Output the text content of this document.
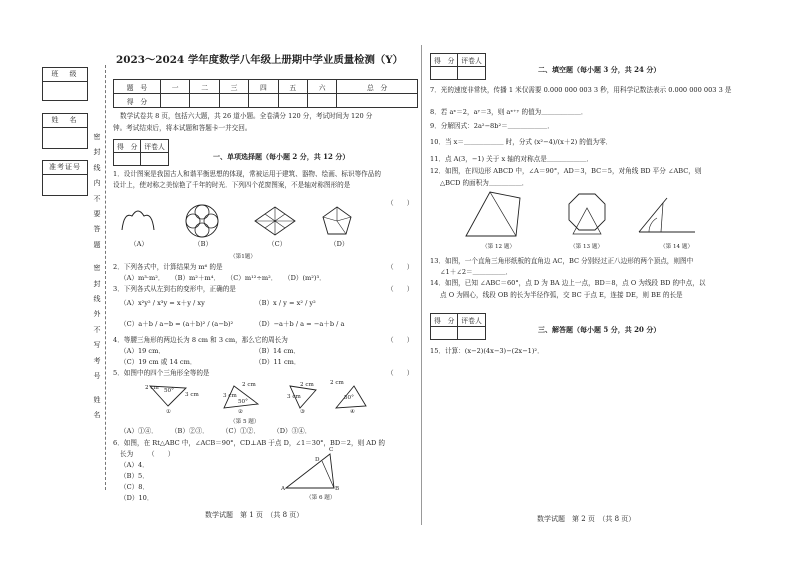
班　级
姓　名
准考证号
密
封
线
内
不
要
答
题
密
封
线
外
不
写
考
号
姓
名
2023～2024 学年度数学八年级上册期中学业质量检测（Y）
题　号	一	二	三	四	五	六	总　分
得　分							
数学试卷共 8 页，包括六大题，共 26 道小题。全卷满分 120 分，考试时间为 120 分
钟。考试结束后，将本试题和答题卡一并交回。
得　分	评卷人

一、单项选择题（每小题 2 分，共 12 分）
1．设计图案是我国古人和谐平衡思想的体现，常被运用于建筑、器物、绘画、标识等作品的
设计上，使对称之美惊艳了千年的时光．下列四个花窗图案，不是轴对称图形的是
（　　）
（A）	（B）	（C）	（D）
（第1题）
2．下列各式中，计算结果为 m⁶ 的是	（　　）
（A）m³·m²．　　（B）m²＋m⁴．　　（C）m¹²÷m²．　　（D）(m²)³．
3．下列各式从左到右的变形中，正确的是	（　　）
（A）x²y² / x³y = x＋y / xy	（B）x / y = x² / y²
（C）a＋b / a−b = (a＋b)² / (a−b)²	（D）−a＋b / a = −a＋b / a
4．等腰三角形的两边长为 8 cm 和 3 cm，那么它的周长为	（　　）
（A）19 cm．	（B）14 cm．
（C）19 cm 或 14 cm．	（D）11 cm．
5．如图中的四个三角形全等的是	（　　）
2 cm 50°
3 cm
2 cm
3 cm
50°
2 cm
3 cm
2 cm
50°
①	②	③	④
（第 5 题）
（A）①④．　　　（B）②③．　　　（C）①②．　　　（D）③④．
6．如图，在 Rt△ABC 中，∠ACB＝90°，CD⊥AB 于点 D，∠1＝30°，BD＝2，则 AD 的
长为 （　　）
（A）4．
（B）5．
（C）8．
（D）10．
A	B
C
D
（第 6 题）
数学试题　第 1 页　（共 8 页）
得　分	评卷人

二、填空题（每小题 3 分，共 24 分）
7．光的速度非常快，传播 1 米仅需要 0.000 000 003 3 秒，用科学记数法表示 0.000 000 003 3 是
8．若 aˣ＝2，aʸ＝3，则 aˣ⁺ʸ 的值为＿＿＿＿＿＿．
9．分解因式：2a²−8b²＝＿＿＿＿＿＿．
10．当 x＝＿＿＿＿＿＿ 时，分式 (x²−4)/(x＋2) 的值为零．
11．点 A(3，−1) 关于 x 轴的对称点是＿＿＿＿＿＿．
12．如图，在四边形 ABCD 中，∠A＝90°，AD＝3，BC＝5，对角线 BD 平分 ∠ABC，则
△BCD 的面积为＿＿＿＿＿．
（第 12 题）	（第 13 题）	（第 14 题）
13．如图，一个直角三角形纸板的直角边 AC，BC 分别经过正八边形的两个顶点，则图中
∠1＋∠2＝＿＿＿＿＿．
14．如图，已知 ∠ABC＝60°，点 D 为 BA 边上一点，BD＝8，点 O 为线段 BD 的中点，以
点 O 为圆心，线段 OB 的长为半径作弧，交 BC 于点 E，连接 DE，则 BE 的长是
得　分	评卷人

三、解答题（每小题 5 分，共 20 分）
15．计算：(x−2)(4x−3)−(2x−1)²．
数学试题　第 2 页　（共 8 页）
